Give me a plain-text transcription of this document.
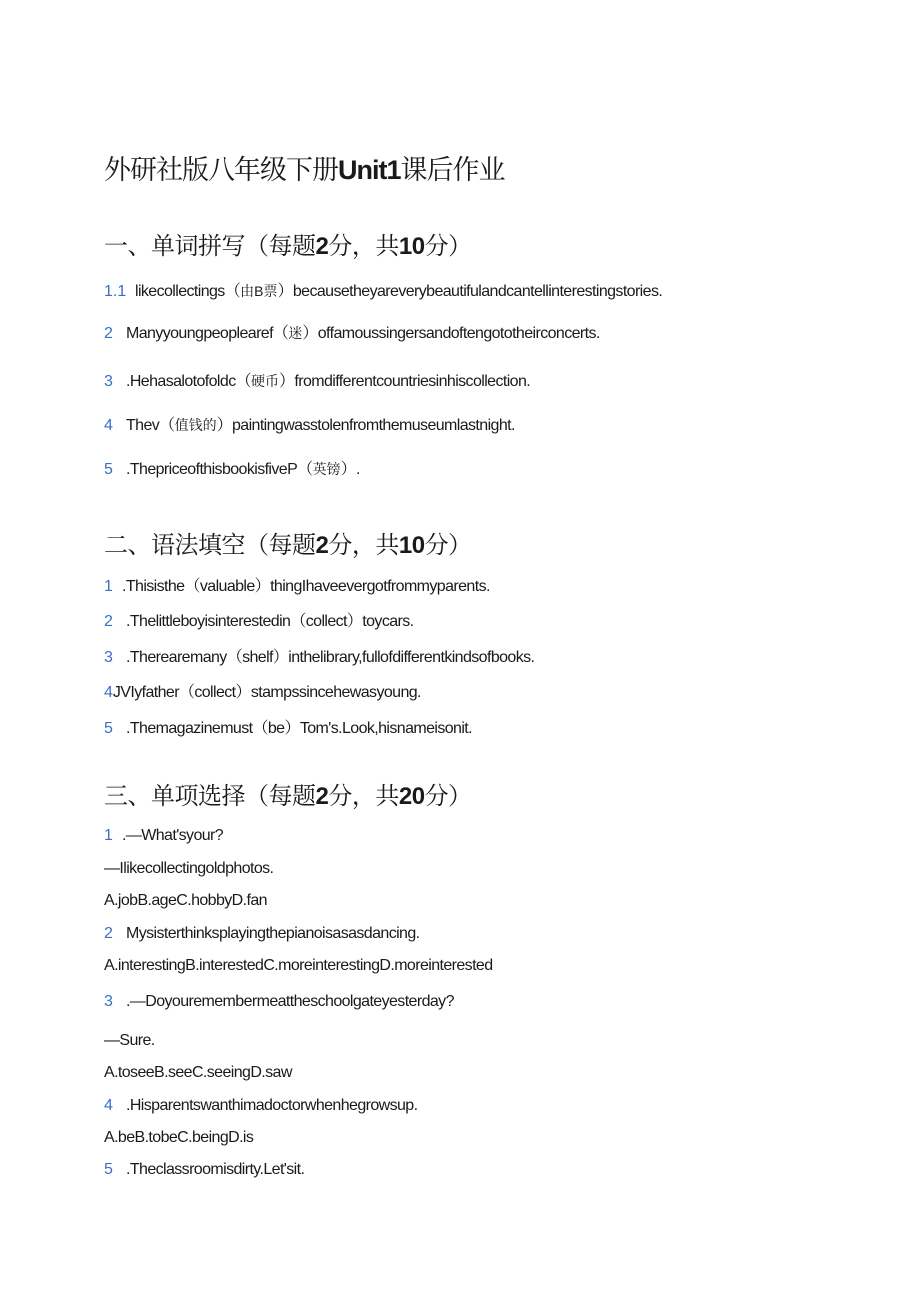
外研社版八年级下册Unit1课后作业
一、单词拼写（每题2分，共10分）

1.1 likecollectings（由B票）becausetheyareverybeautifulandcantellinterestingstories.

2 Manyyoungpeoplearef（迷）offamoussingersandoftengototheirconcerts.

3 .Hehasalotofoldc（硬币）fromdifferentcountriesinhiscollection.

4 Thev（值钱的）paintingwasstolenfromthemuseumlastnight.

5 .ThepriceofthisbookisfiveP（英镑）.

二、语法填空（每题2分，共10分）

1 .Thisisthe（valuable）thingIhaveevergotfrommyparents.

2 .Thelittleboyisinterestedin（collect）toycars.

3 .Therearemany（shelf）inthelibrary,fullofdifferentkindsofbooks.

4JVIyfather（collect）stampssincehewasyoung.

5 .Themagazinemust（be）Tom's.Look,hisnameisonit.

三、单项选择（每题2分，共20分）

1 .—What'syour?

—Ilikecollectingoldphotos.

A.jobB.ageC.hobbyD.fan

2 Mysisterthinksplayingthepianoisasasdancing.

A.interestingB.interestedC.moreinterestingD.moreinterested

3 .—Doyouremembermeattheschoolgateyesterday?

—Sure.

A.toseeB.seeC.seeingD.saw

4 .Hisparentswanthimadoctorwhenhegrowsup.

A.beB.tobeC.beingD.is

5 .Theclassroomisdirty.Let'sit.
